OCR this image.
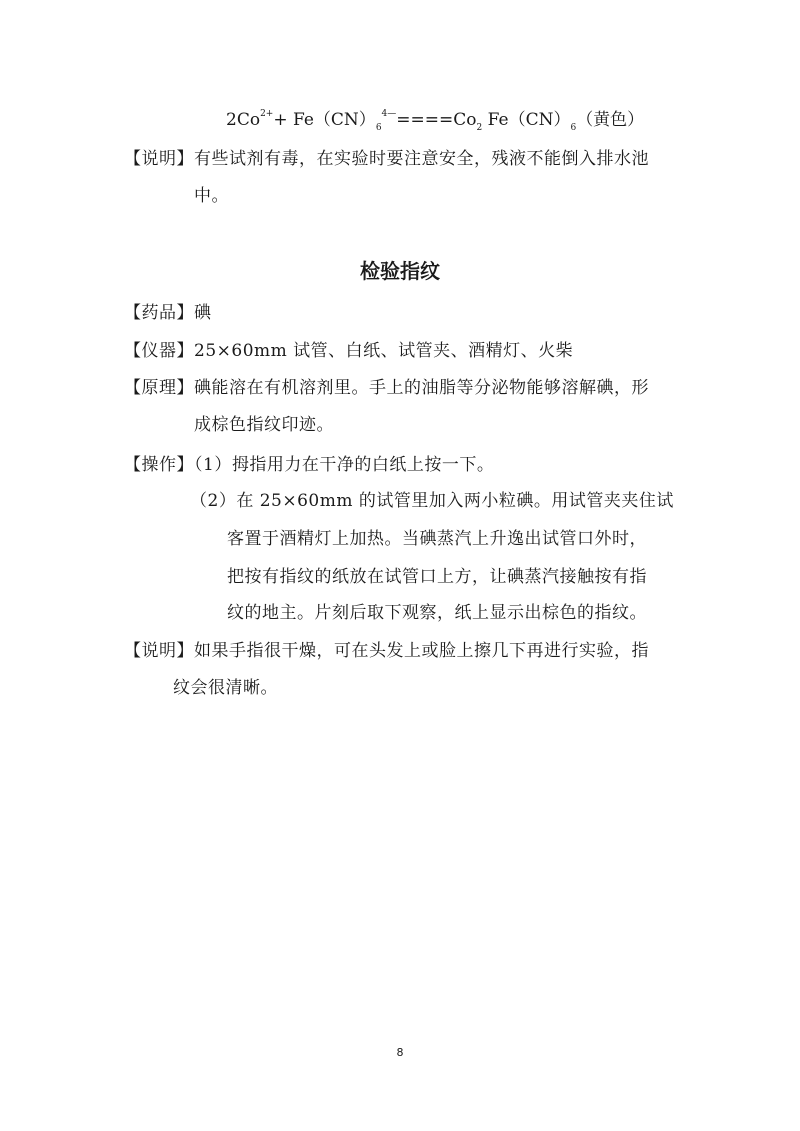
$2Co^{2+}+ Fe(CN)_6^{4—}====Co_2$ $Fe(CN)_6$（黄色）
【说明】有些试剂有毒，在实验时要注意安全，残液不能倒入排水池
中。
检验指纹
【药品】碘
【仪器】25×60mm 试管、白纸、试管夹、酒精灯、火柴
【原理】碘能溶在有机溶剂里。手上的油脂等分泌物能够溶解碘，形
成棕色指纹印迹。
【操作】（1）拇指用力在干净的白纸上按一下。
（2）在 25×60mm 的试管里加入两小粒碘。用试管夹夹住试
客置于酒精灯上加热。当碘蒸汽上升逸出试管口外时，
把按有指纹的纸放在试管口上方，让碘蒸汽接触按有指
纹的地主。片刻后取下观察，纸上显示出棕色的指纹。
【说明】如果手指很干燥，可在头发上或脸上擦几下再进行实验，指
纹会很清晰。
8
